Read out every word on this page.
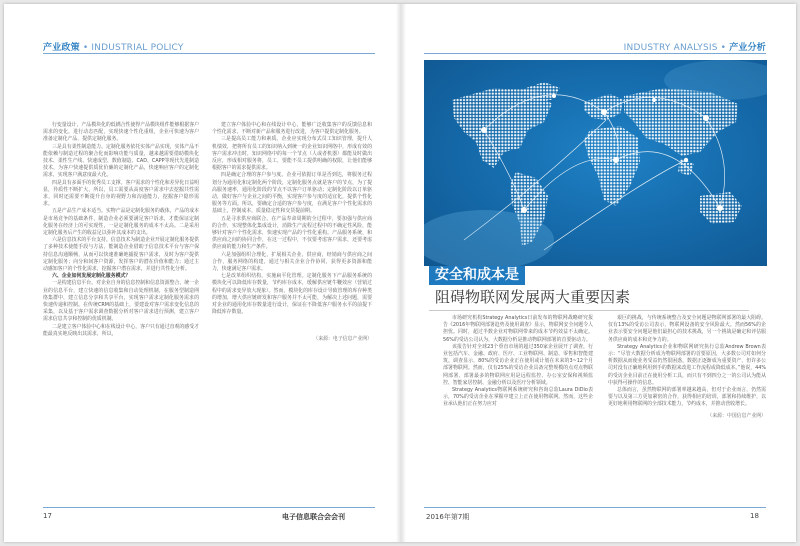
产业政策 • INDUSTRIAL POLICY

行变量设计，产品模块化的低耦合性使得产品模块组件能够根据客户需求的变化，进行动态匹配，实现快速个性化重组，企业可快速为客户准备定制化产品，提供定制化服务。

三是具有柔性制造能力。定制化服务依托实体产品实现，实体产品不能依赖与制造过程的聚合化而影响功能与质量，越来越需要借助模块化技术、柔性生产线、快速成型、数值制造、CAD、CAPP等现代先进制造技术，为客户快速提供质优价廉的定制化产品，快速响应客户的定制化需求，实现客户满意度最大化。

四是具有多面手的优秀员工支撑。客户需求的个性化和差异化日益明显，异质性不断扩大，所以，员工需要从高度客户需求中去挖掘共性需求，同时还需要不断提升自身的视野力和沟通能力，挖掘客户隐形需求。

五是产品生产成本适当。实物产品是定制化服务的载体，产品的成本是市场竞争的基础条件，制造企业必须要满足客户诉求，才能保证定制化服务在经济上的可实现性，一是定制化服务的成本不太高。二是采用定制化服务后产生的收益足以弥补其成本的支出。

六是信息技术的平台支持。信息技术为制造企业开展定制化服务提供了多种技术使能手段与方法，能制造企业借助于信息技术平台与客户保持信息沟通顺畅，从而可以快速准确地捕捉客户需求，及时为客户提供定制化服务；向分和间客户资源，发挥客户的潜在价值和能力；通过主动感知客户的个性化需求，挖掘客户潜在需求，并进行共性化分析。

六、企业如何发展定制化服务模式？

一是构建信息平台。对企业自身的信息控制和信息资源整合，统一企业的信息平台，建立快速的信息收集和自动处理机制，在服务型制造网络集群中，建立信息分享和共享平台，实现客户需求定制化服务需求的快速传递和控制。在传统CRM的基础上，要建设对客户需求变化信息的采集，以及基于客户需求调查数据分析对客户需求进行预测，建立客户需求信息共享和控制的优质机制。

二是建立客户体验中心和在线设计中心，客户只有通过直观的感受才能最真实地反映出其需求，所以，

建立客户体验中心和在线设计中心，能够广泛收集客户的反馈信息和个性化需求，不断对新产品和服务进行改进，为客户提供定制化服务。

三是提高员工能力和素质。企业应实现分布式员工知识管理，提升人机绩效，把将所有员工的知识纳入到统一的企业知识网络中，形成有效的客户需求冲击时，知识网络中的每一个节点（人或者机器）都能及时做出反应，形成相对服务将，员工，要能不员工提供明确的权限，让他们能够根据客户的需求提供需求。

四是确定合理的客户参与度。企业可依据订单是否到达，将服务过程划分为通用化和定制化两个阶段，定制化服务点就是客户的节点，为了提高服务速率，通用化阶段的节点不以客户订单驱动；定制化阶段以订单驱动，做好客户与企业之间的平衡，实现客户参与度的适宜化，提供个性化服务等方面。所以，要确定合适的客户参与度，在满足客户个性化需求的基础上，控制成本，质量稳定性和交货提前期。

五是寻求供应商联合。在产品寿命周期的全过程中，要加强与供应商的合作，实现整体化集成设计，消除生产流程过程中的不确定性风险，能够针对客户个性化需求，快速实现产品的个性化重构。产品服务系统，和供应商之间的协同合作，在这一过程中，不仅要考虑客户需求，还要考虑供应商的能力和生产条件。

六是加强组织合理化，扩展相关企业，供应商，经销商与供应商之间合作，服务网络的构建，通过与相关企业合作协同，获得更多资源和能力，快速满足客户需求。

七是改革组织结构，实施扁平化管理。定制化服务下产品服务系统的模块化可以降低库存数量，节约库存成本，缓解供应链牛鞭效应（营销过程中的需求变异放大现象）。然而，模块化的库存设计导致管理的库存种类的增加，增大供应链研发和客户服务并不太可能，为解决上述问题，需要对企业的通用化库存数量进行设计，保证在不降低客户服务水平的前提下降低库存数量。

（来源：电子信息产业网）

17	电子信息联合会会刊
INDUSTRY ANALYSIS • 产业分析
安全和成本是
阻碍物联网发展两大重要因素

市场研究机构Strategy Analytics日前发布的物联网战略研究报告《2016年物联网部署趋势及使用调查》显示，物联网安全问题令人担忧。同时，超过半数企业对物联网带来的成本节约效益不太确定。56%的受访公司认为，大数据分析是推动物联网部署的首要驱动力。

该报告针对全球23个垂直市场的超过350家企业展开了调查，行业包括汽车、金融、政府、医疗、工业物联网、制造、零售和智能建筑。调查显示，80%的受访企业正在使用或计划在未来的3~12个月部署物联网。然而，仅有25%的受访企业具备完整规模的点对点物联网部署，部署最多的物联网应用是远程监控、办公室安保和视频监控、智能家居控制、金融分析以及医疗分析领域。

Strategy Analytics物联网系统研究和咨询总监Laura DiDio表示，70%的受访企业在掌握中建立上正在使用物联网。然而，这些企业承认他们正在努力应对

艰巨的挑战，与传统系统整合及安全问题是物联网部署的最大阻碍。仅有13%的受访公司表示，物联网设备的安全风险最大。然而56%的企业表示要安全问题是他们最担心的技术挑战，另一个挑战是确定和评估服务供应商的成本和竞争力的。

Strategy Analytics企业和物联网研究执行总监Andrew Brown表示：“尽管大数据分析成为物联网部署的首要原因，大多数公司对如何分析数据从而使业务受益仍然很困惑。数据正逐渐成为重要资产，但许多公司对没有正确地利用到手的数据来改进工作流程或降低成本。”他说，44%的受访企业目前正在使用分析工具，而只有不到四分之一的公司认为能从中获得可操作的信息。

总体而言，虽然物联网的部署率越来越高，但对于企业而言，仍然需要与以及第三方更加紧密的合作，获得相应的培训，部署和持续维护，以更好地利用物联网的全部技术能力，节约成本，并推动营收增长。

（来源：中国信息产业网）

2016年第7期	18
